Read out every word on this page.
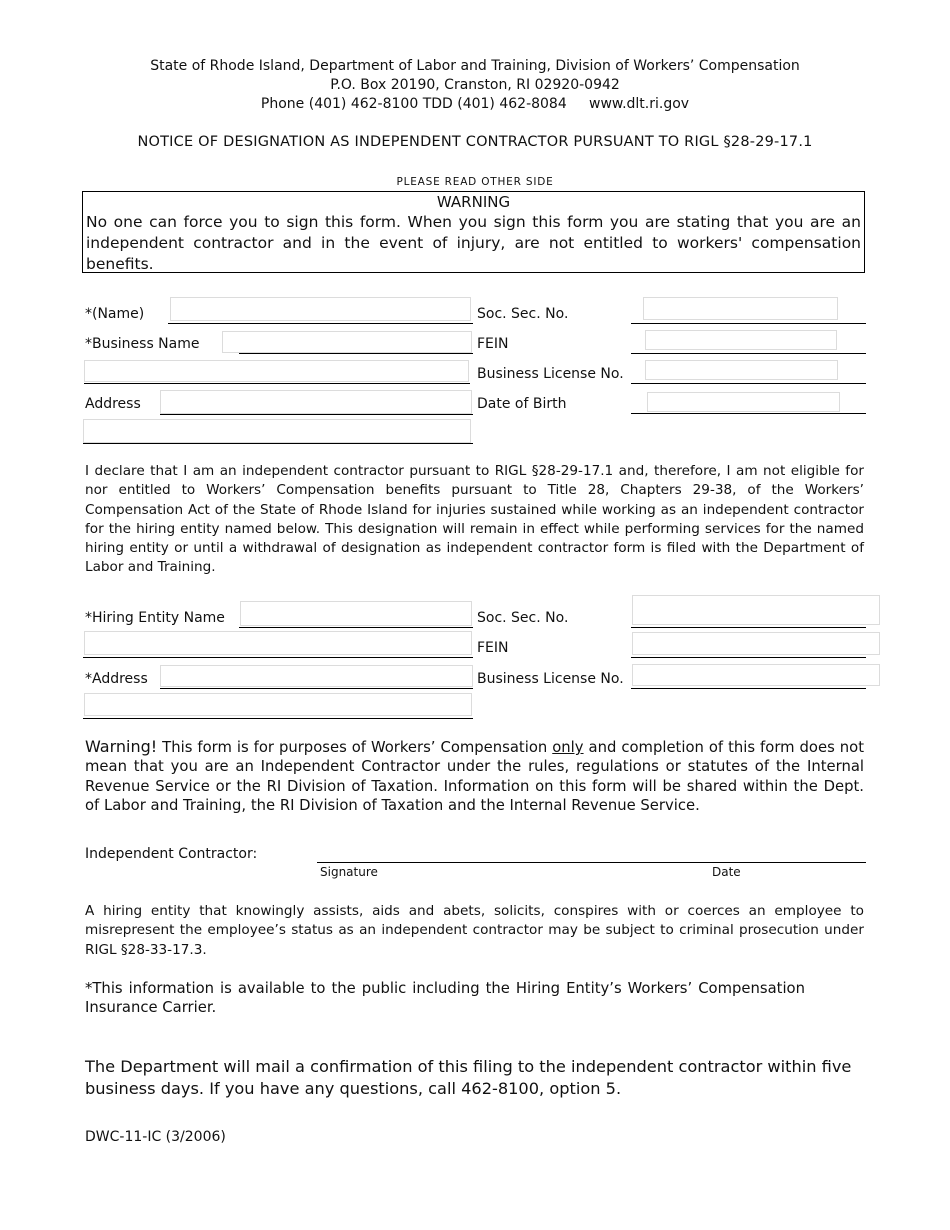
State of Rhode Island, Department of Labor and Training, Division of Workers’ Compensation
P.O. Box 20190, Cranston, RI 02920-0942
Phone (401) 462-8100 TDD (401) 462-8084     www.dlt.ri.gov
NOTICE OF DESIGNATION AS INDEPENDENT CONTRACTOR PURSUANT TO RIGL §28-29-17.1
PLEASE READ OTHER SIDE
WARNING
No one can force you to sign this form. When you sign this form you are stating that you are an independent contractor and in the event of injury, are not entitled to workers' compensation benefits.
*(Name)
*Business Name
Address
Soc. Sec. No.
FEIN
Business License No.
Date of Birth
I declare that I am an independent contractor pursuant to RIGL §28-29-17.1 and, therefore, I am not eligible for nor entitled to Workers’ Compensation benefits pursuant to Title 28, Chapters 29-38, of the Workers’ Compensation Act of the State of Rhode Island for injuries sustained while working as an independent contractor for the hiring entity named below. This designation will remain in effect while performing services for the named hiring entity or until a withdrawal of designation as independent contractor form is filed with the Department of Labor and Training.
*Hiring Entity Name
*Address
Soc. Sec. No.
FEIN
Business License No.
Warning! This form is for purposes of Workers’ Compensation only and completion of this form does not mean that you are an Independent Contractor under the rules, regulations or statutes of the Internal Revenue Service or the RI Division of Taxation. Information on this form will be shared within the Dept. of Labor and Training, the RI Division of Taxation and the Internal Revenue Service.
Independent Contractor:
Signature	Date
A hiring entity that knowingly assists, aids and abets, solicits, conspires with or coerces an employee to misrepresent the employee’s status as an independent contractor may be subject to criminal prosecution under RIGL §28-33-17.3.
*This information is available to the public including the Hiring Entity’s Workers’ Compensation Insurance Carrier.
The Department will mail a confirmation of this filing to the independent contractor within five business days. If you have any questions, call 462-8100, option 5.
DWC-11-IC (3/2006)
